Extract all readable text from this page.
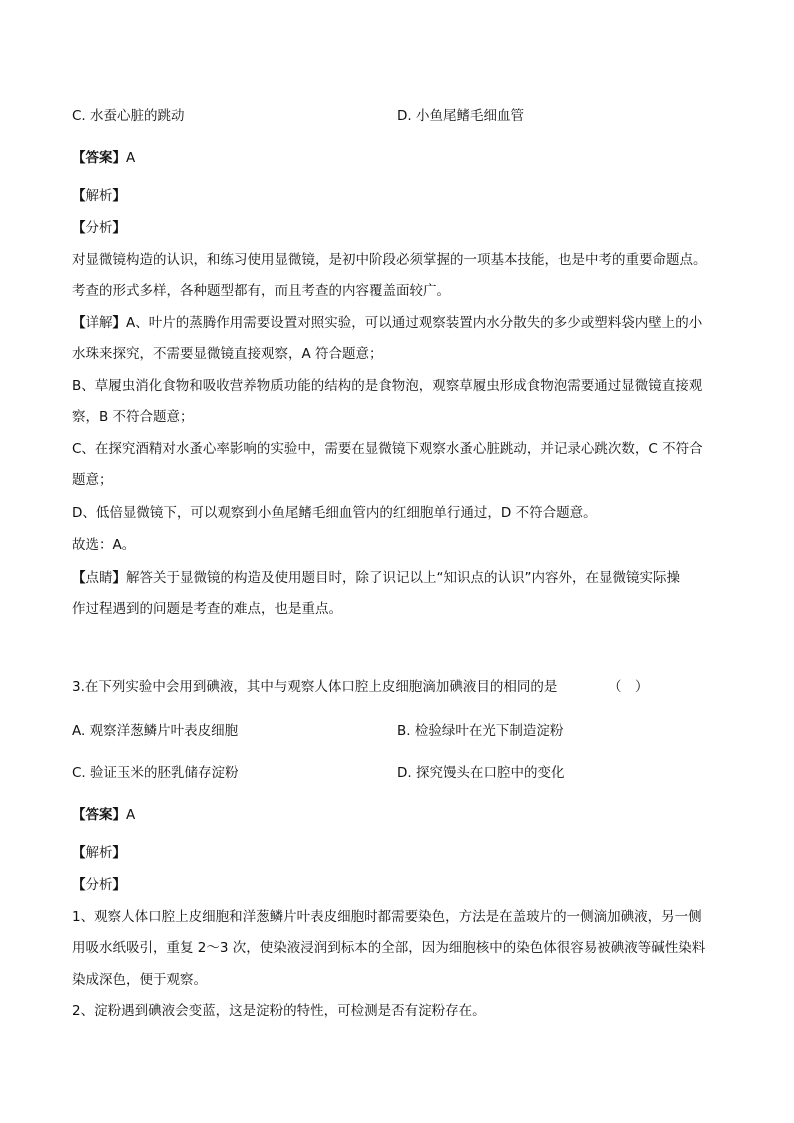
C. 水蚕心脏的跳动	D. 小鱼尾鳍毛细血管
【答案】A
【解析】
【分析】
对显微镜构造的认识，和练习使用显微镜，是初中阶段必须掌握的一项基本技能，也是中考的重要命题点。
考查的形式多样，各种题型都有，而且考查的内容覆盖面较广。
【详解】A、叶片的蒸腾作用需要设置对照实验，可以通过观察装置内水分散失的多少或塑料袋内壁上的小
水珠来探究，不需要显微镜直接观察，A 符合题意；
B、草履虫消化食物和吸收营养物质功能的结构的是食物泡，观察草履虫形成食物泡需要通过显微镜直接观
察，B 不符合题意；
C、在探究酒精对水蚤心率影响的实验中，需要在显微镜下观察水蚤心脏跳动，并记录心跳次数，C 不符合
题意；
D、低倍显微镜下，可以观察到小鱼尾鳍毛细血管内的红细胞单行通过，D 不符合题意。
故选：A。
【点睛】解答关于显微镜的构造及使用题目时，除了识记以上“知识点的认识”内容外，在显微镜实际操
作过程遇到的问题是考查的难点，也是重点。
3.在下列实验中会用到碘液，其中与观察人体口腔上皮细胞滴加碘液目的相同的是	（　）
A. 观察洋葱鳞片叶表皮细胞	B. 检验绿叶在光下制造淀粉
C. 验证玉米的胚乳储存淀粉	D. 探究馒头在口腔中的变化
【答案】A
【解析】
【分析】
1、观察人体口腔上皮细胞和洋葱鳞片叶表皮细胞时都需要染色，方法是在盖玻片的一侧滴加碘液，另一侧
用吸水纸吸引，重复 2～3 次，使染液浸润到标本的全部，因为细胞核中的染色体很容易被碘液等碱性染料
染成深色，便于观察。
2、淀粉遇到碘液会变蓝，这是淀粉的特性，可检测是否有淀粉存在。
